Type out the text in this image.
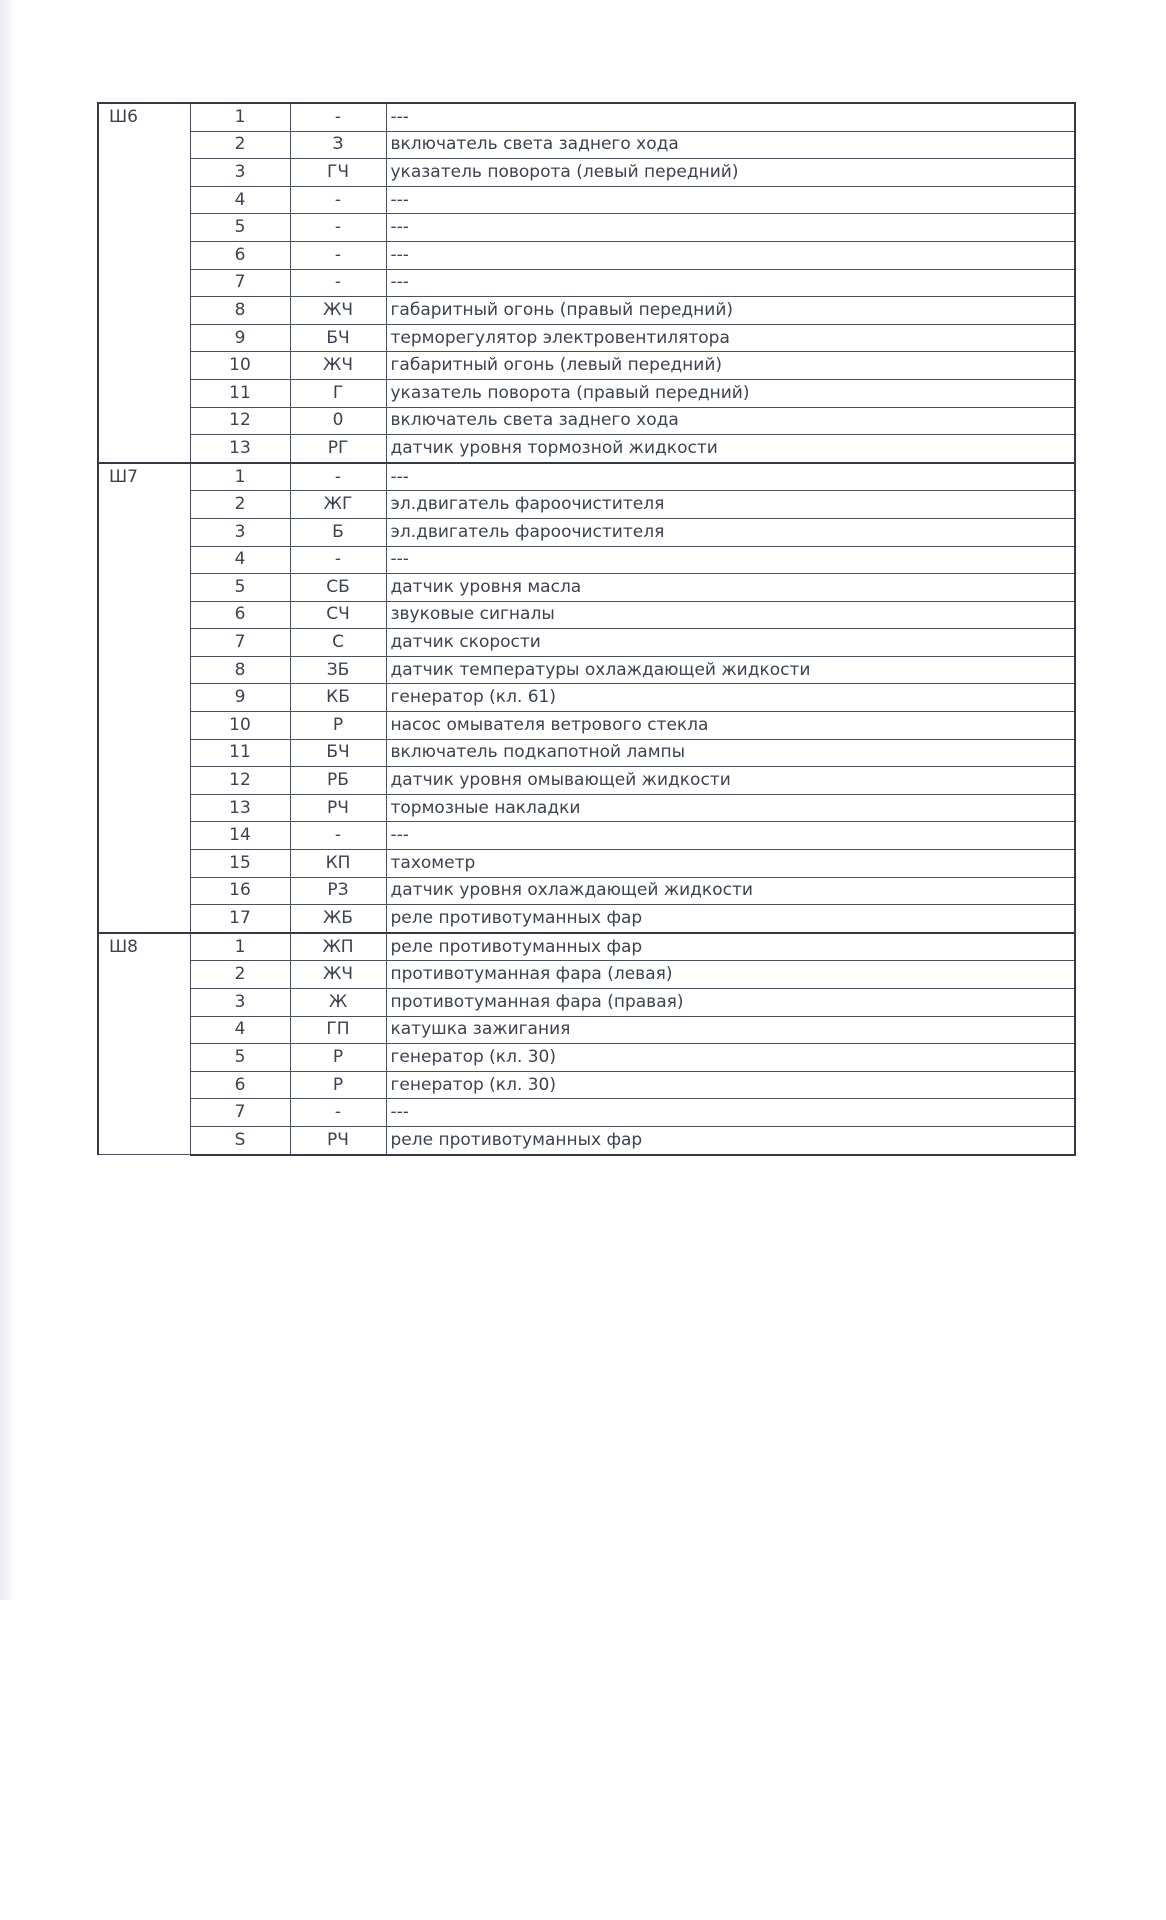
Ш6	1	-	---
	2	З	включатель света заднего хода
	3	ГЧ	указатель поворота (левый передний)
	4	-	---
	5	-	---
	6	-	---
	7	-	---
	8	ЖЧ	габаритный огонь (правый передний)
	9	БЧ	терморегулятор электровентилятора
	10	ЖЧ	габаритный огонь (левый передний)
	11	Г	указатель поворота (правый передний)
	12	0	включатель света заднего хода
	13	РГ	датчик уровня тормозной жидкости
Ш7	1	-	---
	2	ЖГ	эл.двигатель фароочистителя
	3	Б	эл.двигатель фароочистителя
	4	-	---
	5	СБ	датчик уровня масла
	6	СЧ	звуковые сигналы
	7	С	датчик скорости
	8	ЗБ	датчик температуры охлаждающей жидкости
	9	КБ	генератор (кл. 61)
	10	Р	насос омывателя ветрового стекла
	11	БЧ	включатель подкапотной лампы
	12	РБ	датчик уровня омывающей жидкости
	13	РЧ	тормозные накладки
	14	-	---
	15	КП	тахометр
	16	РЗ	датчик уровня охлаждающей жидкости
	17	ЖБ	реле противотуманных фар
Ш8	1	ЖП	реле противотуманных фар
	2	ЖЧ	противотуманная фара (левая)
	3	Ж	противотуманная фара (правая)
	4	ГП	катушка зажигания
	5	Р	генератор (кл. 30)
	6	Р	генератор (кл. 30)
	7	-	---
	S	РЧ	реле противотуманных фар
